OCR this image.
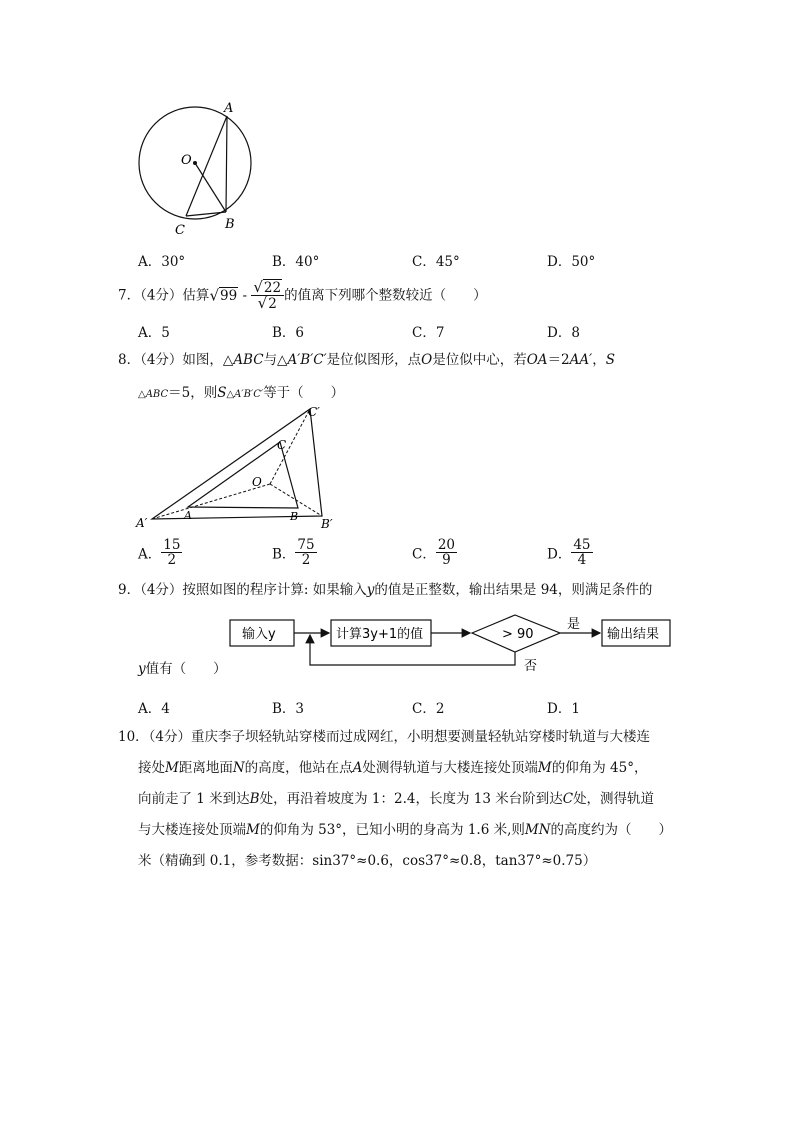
A
O
C	B
A．30°	B．40°	C．45°	D．50°
7．（4分）估算$√99 - \frac{√22}{√2}$ 的值离下列哪个整数较近（　　）
A．5	B．6	C．7	D．8
8．（4分）如图，△ABC与△A′B′C′是位似图形，点O是位似中心，若OA＝2AA′，S
△ABC＝5，则S△A′B′C′等于（　　）
C′
C
O
A′
A	B
B′
A． $\frac{15}{2}$	B． $\frac{75}{2}$	C． $\frac{20}{9}$	D． $\frac{45}{4}$
9．（4分）按照如图的程序计算: 如果输入y的值是正整数，输出结果是 94，则满足条件的
输入y	计算3y+1的值	> 90
是
输出结果
否
y值有（　　）
A．4	B．3	C．2	D．1
10．（4分）重庆李子坝轻轨站穿楼而过成网红，小明想要测量轻轨站穿楼时轨道与大楼连
接处M距离地面N的高度，他站在点A处测得轨道与大楼连接处顶端M的仰角为 45°，
向前走了 1 米到达B处，再沿着坡度为 1：2.4，长度为 13 米台阶到达C处，测得轨道
与大楼连接处顶端M的仰角为 53°，已知小明的身高为 1.6 米,则MN的高度约为（　　）
米（精确到 0.1，参考数据：sin37°≈0.6，cos37°≈0.8，tan37°≈0.75）
